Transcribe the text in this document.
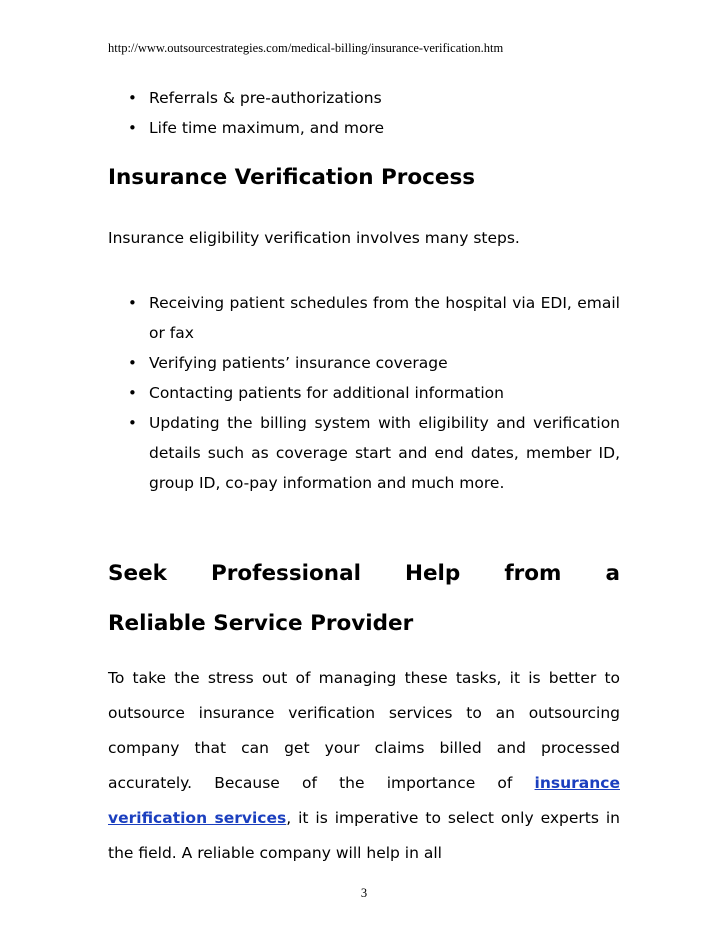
http://www.outsourcestrategies.com/medical-billing/insurance-verification.htm
• Referrals & pre-authorizations
• Life time maximum, and more
Insurance Verification Process

Insurance eligibility verification involves many steps.

• Receiving patient schedules from the hospital via EDI, email or fax
• Verifying patients’ insurance coverage
• Contacting patients for additional information
• Updating the billing system with eligibility and verification details such as coverage start and end dates, member ID, group ID, co-pay information and much more.
Seek Professional Help from a
Reliable Service Provider

To take the stress out of managing these tasks, it is better to outsource insurance verification services to an outsourcing company that can get your claims billed and processed accurately. Because of the importance of insurance verification services, it is imperative to select only experts in the field. A reliable company will help in all

3
